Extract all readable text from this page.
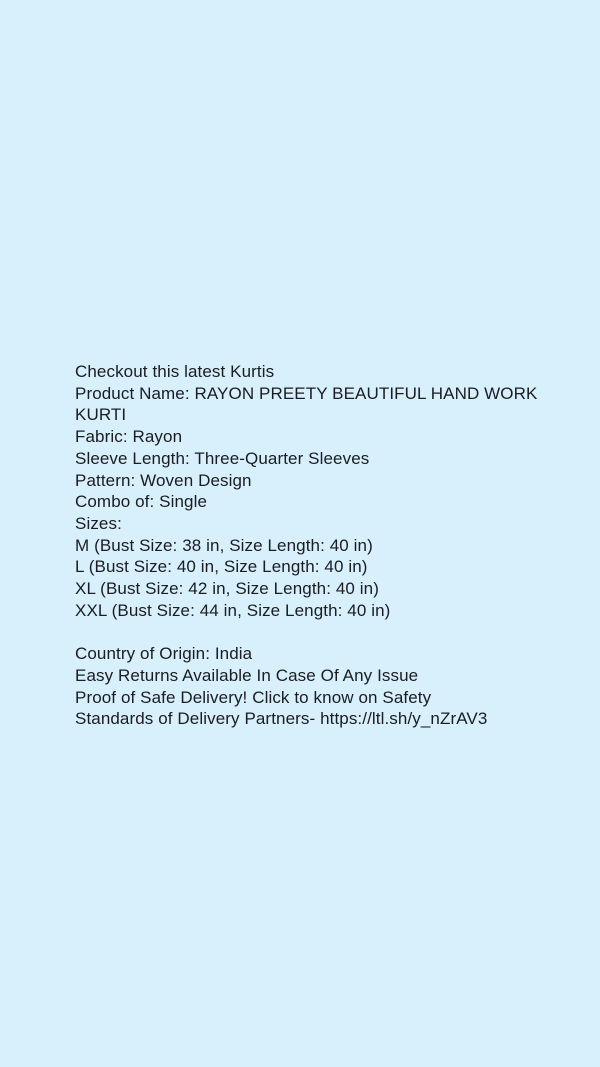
Checkout this latest Kurtis
Product Name: RAYON PREETY BEAUTIFUL HAND WORK
KURTI
Fabric: Rayon
Sleeve Length: Three-Quarter Sleeves
Pattern: Woven Design
Combo of: Single
Sizes:
M (Bust Size: 38 in, Size Length: 40 in)
L (Bust Size: 40 in, Size Length: 40 in)
XL (Bust Size: 42 in, Size Length: 40 in)
XXL (Bust Size: 44 in, Size Length: 40 in)
Country of Origin: India
Easy Returns Available In Case Of Any Issue
Proof of Safe Delivery! Click to know on Safety
Standards of Delivery Partners- https://ltl.sh/y_nZrAV3
